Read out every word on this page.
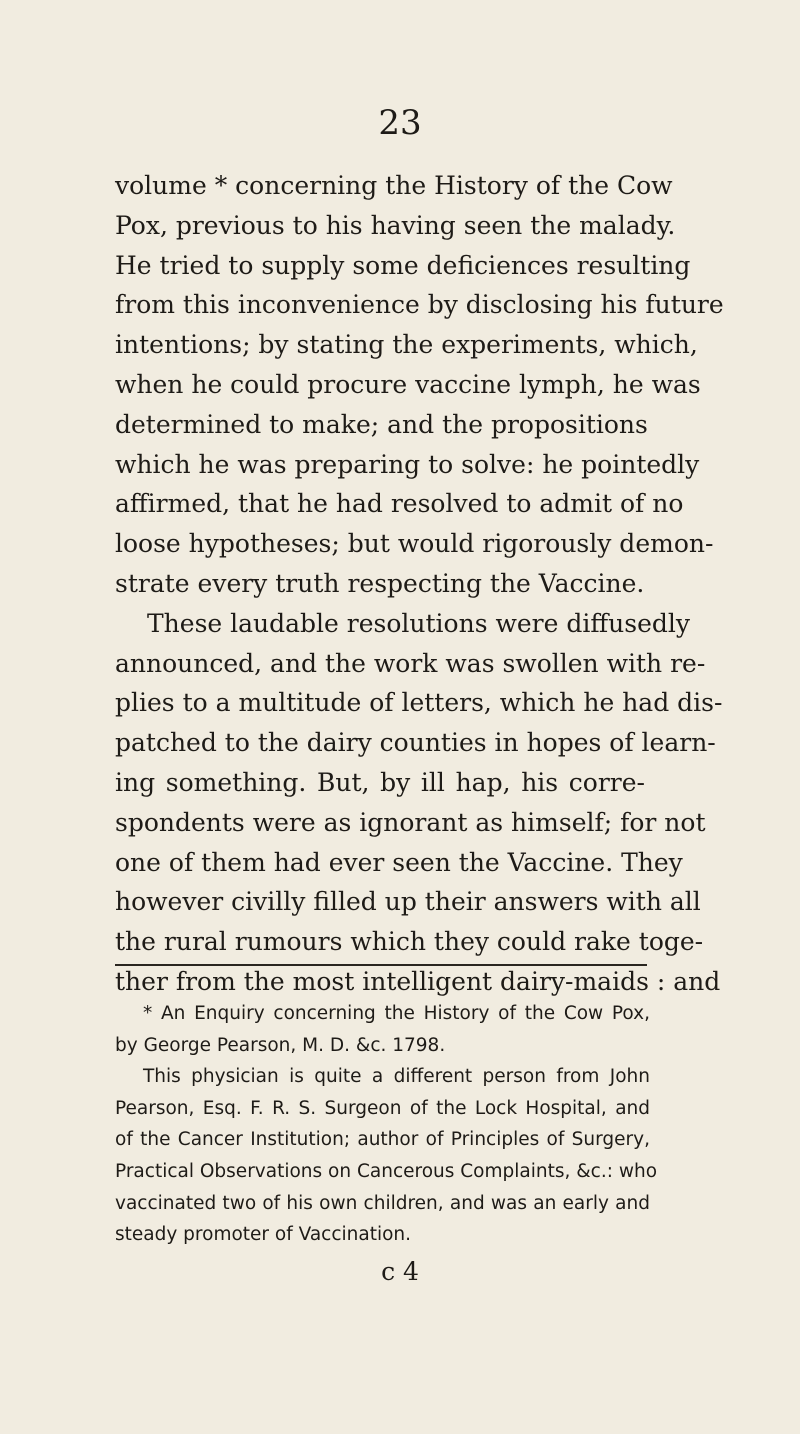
23
volume * concerning the History of the Cow
Pox, previous to his having seen the malady.
He tried to supply some deficiences resulting
from this inconvenience by disclosing his future
intentions; by stating the experiments, which,
when he could procure vaccine lymph, he was
determined to make; and the propositions
which he was preparing to solve: he pointedly
affirmed, that he had resolved to admit of no
loose hypotheses; but would rigorously demon-
strate every truth respecting the Vaccine.
These laudable resolutions were diffusedly
announced, and the work was swollen with re-
plies to a multitude of letters, which he had dis-
patched to the dairy counties in hopes of learn-
ing something. But, by ill hap, his corre-
spondents were as ignorant as himself; for not
one of them had ever seen the Vaccine. They
however civilly filled up their answers with all
the rural rumours which they could rake toge-
ther from the most intelligent dairy-maids : and
* An Enquiry concerning the History of the Cow Pox,
by George Pearson, M. D. &c. 1798.
This physician is quite a different person from John
Pearson, Esq. F. R. S. Surgeon of the Lock Hospital, and
of the Cancer Institution; author of Principles of Surgery,
Practical Observations on Cancerous Complaints, &c.: who
vaccinated two of his own children, and was an early and
steady promoter of Vaccination.
c 4
